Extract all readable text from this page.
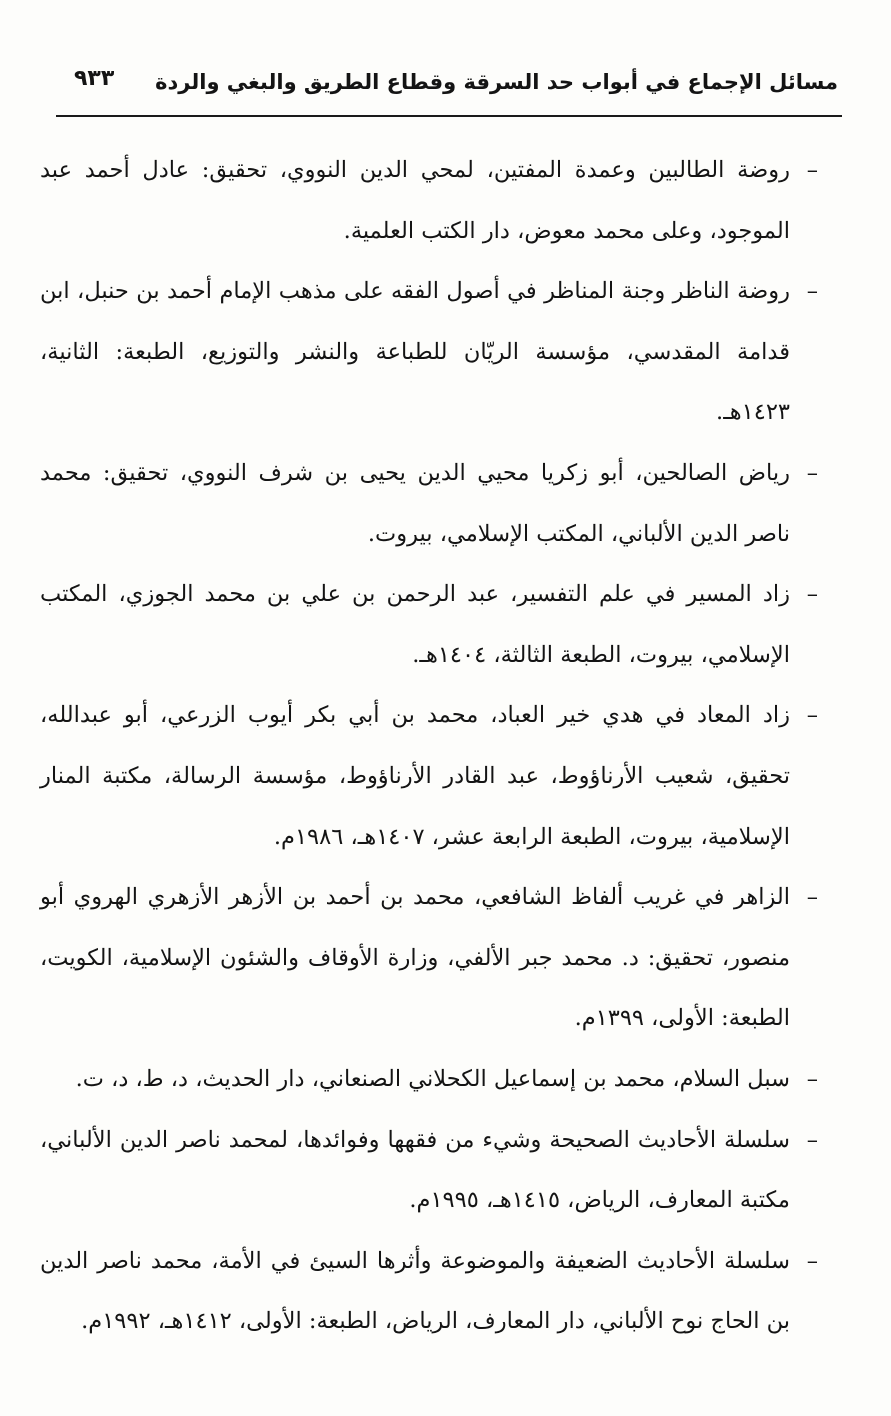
مسائل الإجماع في أبواب حد السرقة وقطاع الطريق والبغي والردة
٩٣٣
–
روضة الطالبين وعمدة المفتين، لمحي الدين النووي، تحقيق: عادل أحمد عبد الموجود، وعلى محمد معوض، دار الكتب العلمية.
–
روضة الناظر وجنة المناظر في أصول الفقه على مذهب الإمام أحمد بن حنبل، ابن قدامة المقدسي، مؤسسة الريّان للطباعة والنشر والتوزيع، الطبعة: الثانية، ١٤٢٣هـ.
–
رياض الصالحين، أبو زكريا محيي الدين يحيى بن شرف النووي، تحقيق: محمد ناصر الدين الألباني، المكتب الإسلامي، بيروت.
–
زاد المسير في علم التفسير، عبد الرحمن بن علي بن محمد الجوزي، المكتب الإسلامي، بيروت، الطبعة الثالثة، ١٤٠٤هـ.
–
زاد المعاد في هدي خير العباد، محمد بن أبي بكر أيوب الزرعي، أبو عبدالله، تحقيق، شعيب الأرناؤوط، عبد القادر الأرناؤوط، مؤسسة الرسالة، مكتبة المنار الإسلامية، بيروت، الطبعة الرابعة عشر، ١٤٠٧هـ، ١٩٨٦م.
–
الزاهر في غريب ألفاظ الشافعي، محمد بن أحمد بن الأزهر الأزهري الهروي أبو منصور، تحقيق: د. محمد جبر الألفي، وزارة الأوقاف والشئون الإسلامية، الكويت، الطبعة: الأولى، ١٣٩٩م.
–
سبل السلام، محمد بن إسماعيل الكحلاني الصنعاني، دار الحديث، د، ط، د، ت.
–
سلسلة الأحاديث الصحيحة وشيء من فقهها وفوائدها، لمحمد ناصر الدين الألباني، مكتبة المعارف، الرياض، ١٤١٥هـ، ١٩٩٥م.
–
سلسلة الأحاديث الضعيفة والموضوعة وأثرها السيئ في الأمة، محمد ناصر الدين بن الحاج نوح الألباني، دار المعارف، الرياض، الطبعة: الأولى، ١٤١٢هـ، ١٩٩٢م.
